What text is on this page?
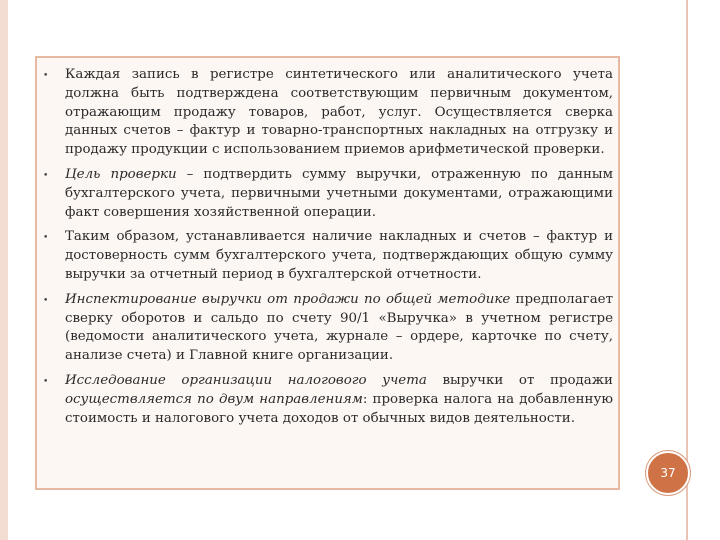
• Каждая запись в регистре синтетического или аналитического учета должна быть подтверждена соответствующим первичным документом, отражающим продажу товаров, работ, услуг. Осуществляется сверка данных счетов – фактур и товарно-транспортных накладных на отгрузку и продажу продукции с использованием приемов арифметической проверки.
• Цель проверки – подтвердить сумму выручки, отраженную по данным бухгалтерского учета, первичными учетными документами, отражающими факт совершения хозяйственной операции.
• Таким образом, устанавливается наличие накладных и счетов – фактур и достоверность сумм бухгалтерского учета, подтверждающих общую сумму выручки за отчетный период в бухгалтерской отчетности.
• Инспектирование выручки от продажи по общей методике предполагает сверку оборотов и сальдо по счету 90/1 «Выручка» в учетном регистре (ведомости аналитического учета, журнале – ордере, карточке по счету, анализе счета) и Главной книге организации.
• Исследование организации налогового учета выручки от продажи осуществляется по двум направлениям: проверка налога на добавленную стоимость и налогового учета доходов от обычных видов деятельности.
37
